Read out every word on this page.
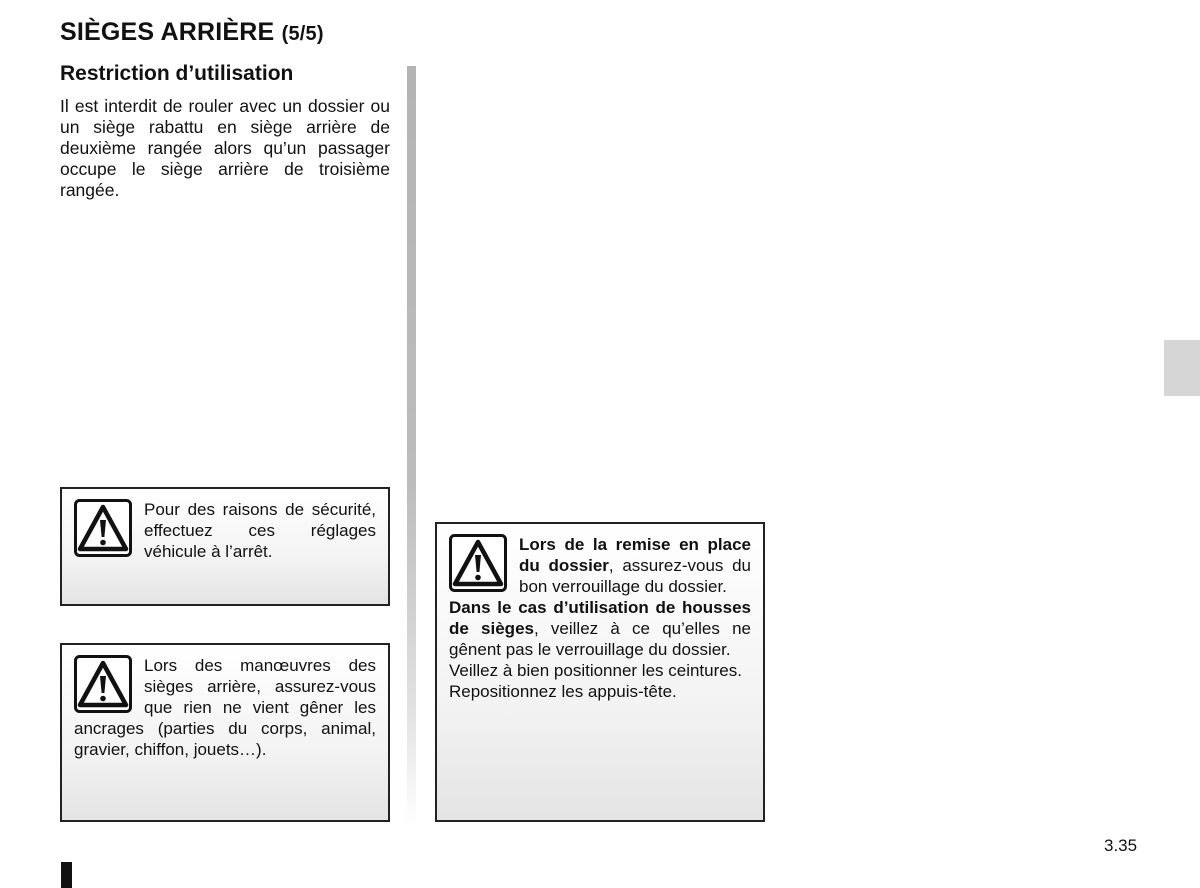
SIÈGES ARRIÈRE (5/5)
Restriction d’utilisation

Il est interdit de rouler avec un dossier ou un siège rabattu en siège arrière de deuxième rangée alors qu’un passager occupe le siège arrière de troisième rangée.

Pour des raisons de sécurité, effectuez ces réglages véhicule à l’arrêt.

Lors des manœuvres des sièges arrière, assurez-vous que rien ne vient gêner les ancrages (parties du corps, animal, gravier, chiffon, jouets…).

Lors de la remise en place du dossier, assurez-vous du bon verrouillage du dossier.

Dans le cas d’utilisation de housses de sièges, veillez à ce qu’elles ne gênent pas le verrouillage du dossier.

Veillez à bien positionner les ceintures.

Repositionnez les appuis-tête.

3.35
